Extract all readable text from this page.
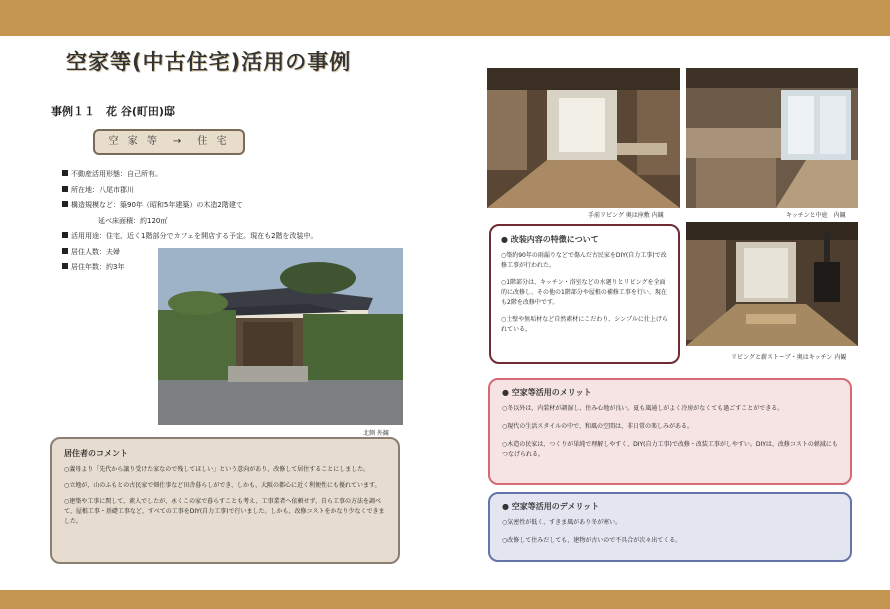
空家等(中古住宅)活用の事例
事例１１　花 谷(町田)邸
空 家 等　→　住 宅
不動産活用形態：自己所有。
所在地：八尾市郡川
構造規模など：築90年（昭和5年建築）の木造2階建て
延べ床面積：約120㎡
活用用途：住宅、近く1階部分でカフェを開店する予定。現在も2階を改装中。
居住人数：夫婦
居住年数：約3年
北側 外観
居住者のコメント

○義母より「先代から譲り受けた家なので残してほしい」という意向があり、改修して居住することにしました。

○立地が、山のふもとの古民家で畑仕事など田舎暮らしができ、しかも、大阪の都心に近く利便性にも優れています。

○建築や工事に関して、素人でしたが、永くこの家で暮らすことも考え、工事業者へ依頼せず、自ら工事の方法を調べて、屋根工事・基礎工事など、すべての工事をDIY(自力工事)で行いました。しかも、改修コストをかなり少なくできました。

手前リビング 奥は座敷 内観	キッチンと中庭　内観
リビングと薪ストーブ・奥はキッチン 内観
● 改装内容の特徴について

○築約90年の雨漏りなどで傷んだ古民家をDIY(自力工事)で改修工事が行われた。

○1階部分は、キッチン・浴室などの水廻りとリビングを全面的に改修し、その他の1階部分や屋根の補修工事を行い、現在も2階を改修中です。

○土壁や無垢材など自然素材にこだわり、シンプルに仕上げられている。

● 空家等活用のメリット

○冬以外は、内装材が調湿し、住み心地が良い。夏も風通しがよく冷房がなくても過ごすことができる。

○現代の生活スタイルの中で、和風の空間は、非日常の楽しみがある。

○木造の民家は、つくりが単純で理解しやすく、DIY(自力工事)で改修・改装工事がしやすい。DIYは、改修コストの軽減にもつなげられる。

● 空家等活用のデメリット

○気密性が低く、すきま風があり冬が寒い。

○改修して住みだしても、建物が古いので不具合が次々出てくる。
